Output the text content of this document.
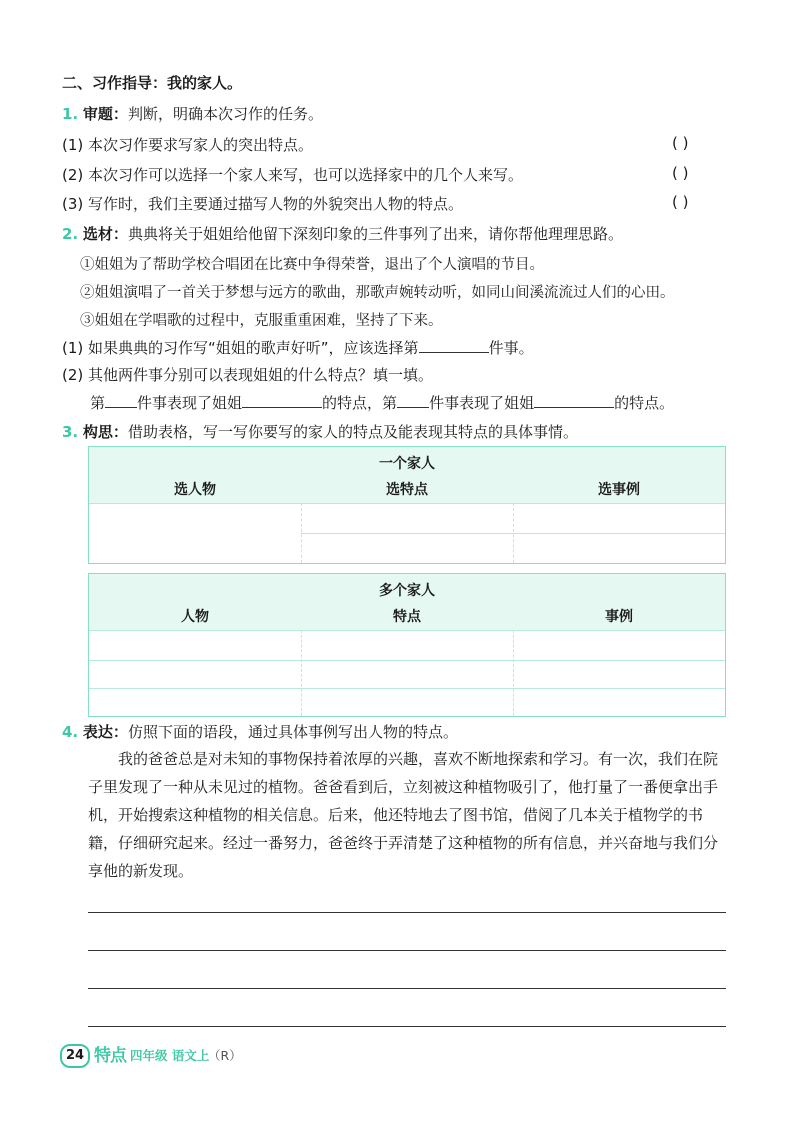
二、习作指导：我的家人。
1. 审题：判断，明确本次习作的任务。
(1) 本次习作要求写家人的突出特点。	( )
(2) 本次习作可以选择一个家人来写，也可以选择家中的几个人来写。	( )
(3) 写作时，我们主要通过描写人物的外貌突出人物的特点。	( )
2. 选材：典典将关于姐姐给他留下深刻印象的三件事列了出来，请你帮他理理思路。
①姐姐为了帮助学校合唱团在比赛中争得荣誉，退出了个人演唱的节目。
②姐姐演唱了一首关于梦想与远方的歌曲，那歌声婉转动听，如同山间溪流流过人们的心田。
③姐姐在学唱歌的过程中，克服重重困难，坚持了下来。
(1) 如果典典的习作写“姐姐的歌声好听”，应该选择第	件事。
(2) 其他两件事分别可以表现姐姐的什么特点？填一填。
第 件事表现了姐姐	的特点，第 件事表现了姐姐	的特点。
3. 构思：借助表格，写一写你要写的家人的特点及能表现其特点的具体事情。
一个家人
选人物	选特点	选事例
多个家人
人物	特点	事例
4. 表达：仿照下面的语段，通过具体事例写出人物的特点。
我的爸爸总是对未知的事物保持着浓厚的兴趣，喜欢不断地探索和学习。有一次，我们在院子里发现了一种从未见过的植物。爸爸看到后，立刻被这种植物吸引了，他打量了一番便拿出手机，开始搜索这种植物的相关信息。后来，他还特地去了图书馆，借阅了几本关于植物学的书籍，仔细研究起来。经过一番努力，爸爸终于弄清楚了这种植物的所有信息，并兴奋地与我们分享他的新发现。
24 特点 四年级 语文上
（R）
